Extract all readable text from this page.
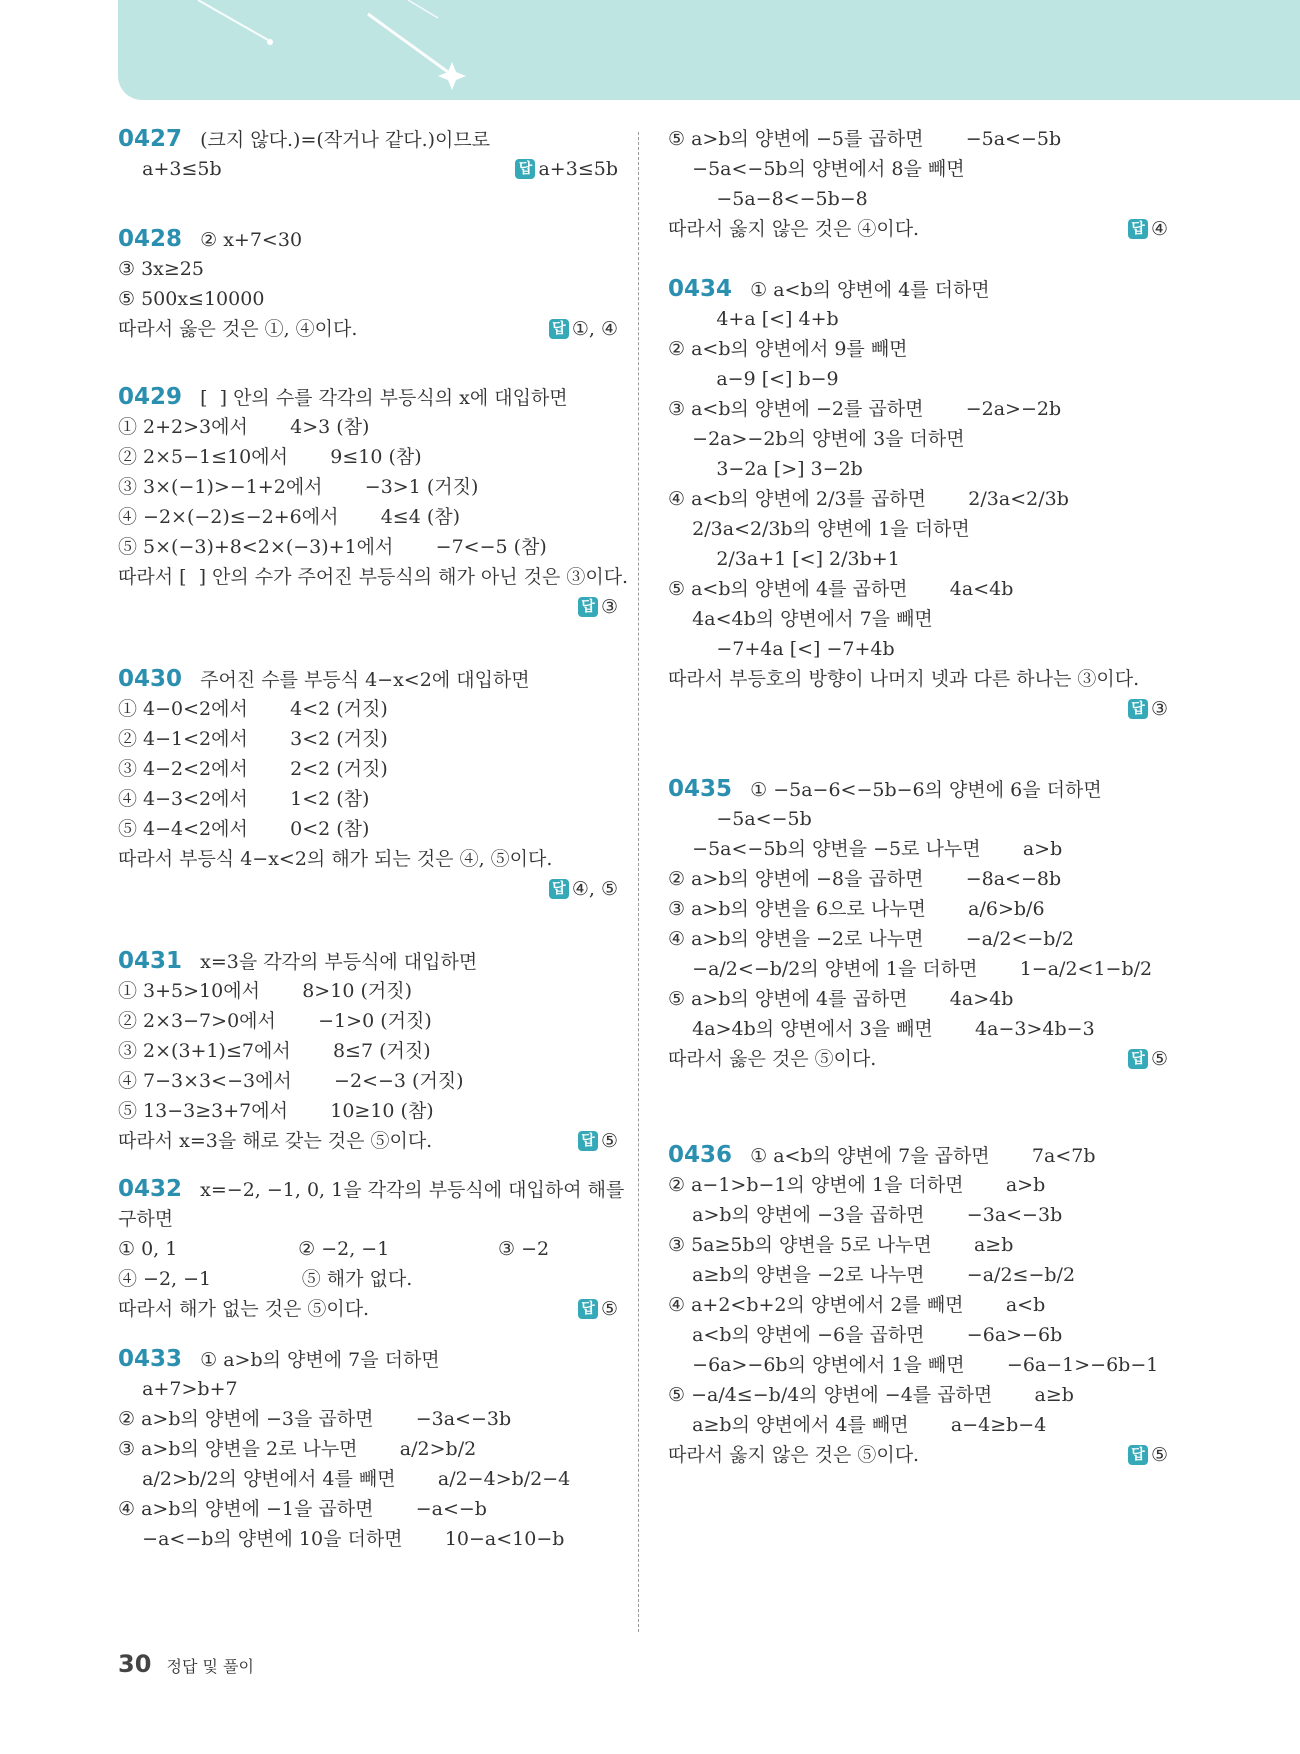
0427   (크지 않다.)=(작거나 같다.)이므로
a+3≤5b	답 a+3≤5b
0428   ② x+7<30
③ 3x≥25
⑤ 500x≤10000
따라서 옳은 것은 ①, ④이다.	답 ①, ④
0429   [  ] 안의 수를 각각의 부등식의 x에 대입하면
① 2+2>3에서       4>3 (참)
② 2×5−1≤10에서       9≤10 (참)
③ 3×(−1)>−1+2에서       −3>1 (거짓)
④ −2×(−2)≤−2+6에서       4≤4 (참)
⑤ 5×(−3)+8<2×(−3)+1에서       −7<−5 (참)
따라서 [  ] 안의 수가 주어진 부등식의 해가 아닌 것은 ③이다.
답 ③
0430   주어진 수를 부등식 4−x<2에 대입하면
① 4−0<2에서       4<2 (거짓)
② 4−1<2에서       3<2 (거짓)
③ 4−2<2에서       2<2 (거짓)
④ 4−3<2에서       1<2 (참)
⑤ 4−4<2에서       0<2 (참)
따라서 부등식 4−x<2의 해가 되는 것은 ④, ⑤이다.
답 ④, ⑤
0431   x=3을 각각의 부등식에 대입하면
① 3+5>10에서       8>10 (거짓)
② 2×3−7>0에서       −1>0 (거짓)
③ 2×(3+1)≤7에서       8≤7 (거짓)
④ 7−3×3<−3에서       −2<−3 (거짓)
⑤ 13−3≥3+7에서       10≥10 (참)
따라서 x=3을 해로 갖는 것은 ⑤이다.	답 ⑤
0432   x=−2, −1, 0, 1을 각각의 부등식에 대입하여 해를
구하면
① 0, 1                    ② −2, −1                  ③ −2
④ −2, −1               ⑤ 해가 없다.
따라서 해가 없는 것은 ⑤이다.	답 ⑤
0433   ① a>b의 양변에 7을 더하면
a+7>b+7
② a>b의 양변에 −3을 곱하면       −3a<−3b
③ a>b의 양변을 2로 나누면       a/2>b/2
a/2>b/2의 양변에서 4를 빼면       a/2−4>b/2−4
④ a>b의 양변에 −1을 곱하면       −a<−b
−a<−b의 양변에 10을 더하면       10−a<10−b
⑤ a>b의 양변에 −5를 곱하면       −5a<−5b
−5a<−5b의 양변에서 8을 빼면
−5a−8<−5b−8
따라서 옳지 않은 것은 ④이다.	답 ④
0434   ① a<b의 양변에 4를 더하면
4+a [<] 4+b
② a<b의 양변에서 9를 빼면
a−9 [<] b−9
③ a<b의 양변에 −2를 곱하면       −2a>−2b
−2a>−2b의 양변에 3을 더하면
3−2a [>] 3−2b
④ a<b의 양변에 2/3를 곱하면       2/3a<2/3b
2/3a<2/3b의 양변에 1을 더하면
2/3a+1 [<] 2/3b+1
⑤ a<b의 양변에 4를 곱하면       4a<4b
4a<4b의 양변에서 7을 빼면
−7+4a [<] −7+4b
따라서 부등호의 방향이 나머지 넷과 다른 하나는 ③이다.
답 ③
0435   ① −5a−6<−5b−6의 양변에 6을 더하면
−5a<−5b
−5a<−5b의 양변을 −5로 나누면       a>b
② a>b의 양변에 −8을 곱하면       −8a<−8b
③ a>b의 양변을 6으로 나누면       a/6>b/6
④ a>b의 양변을 −2로 나누면       −a/2<−b/2
−a/2<−b/2의 양변에 1을 더하면       1−a/2<1−b/2
⑤ a>b의 양변에 4를 곱하면       4a>4b
4a>4b의 양변에서 3을 빼면       4a−3>4b−3
따라서 옳은 것은 ⑤이다.	답 ⑤
0436   ① a<b의 양변에 7을 곱하면       7a<7b
② a−1>b−1의 양변에 1을 더하면       a>b
a>b의 양변에 −3을 곱하면       −3a<−3b
③ 5a≥5b의 양변을 5로 나누면       a≥b
a≥b의 양변을 −2로 나누면       −a/2≤−b/2
④ a+2<b+2의 양변에서 2를 빼면       a<b
a<b의 양변에 −6을 곱하면       −6a>−6b
−6a>−6b의 양변에서 1을 빼면       −6a−1>−6b−1
⑤ −a/4≤−b/4의 양변에 −4를 곱하면       a≥b
a≥b의 양변에서 4를 빼면       a−4≥b−4
따라서 옳지 않은 것은 ⑤이다.	답 ⑤
30 정답 및 풀이
